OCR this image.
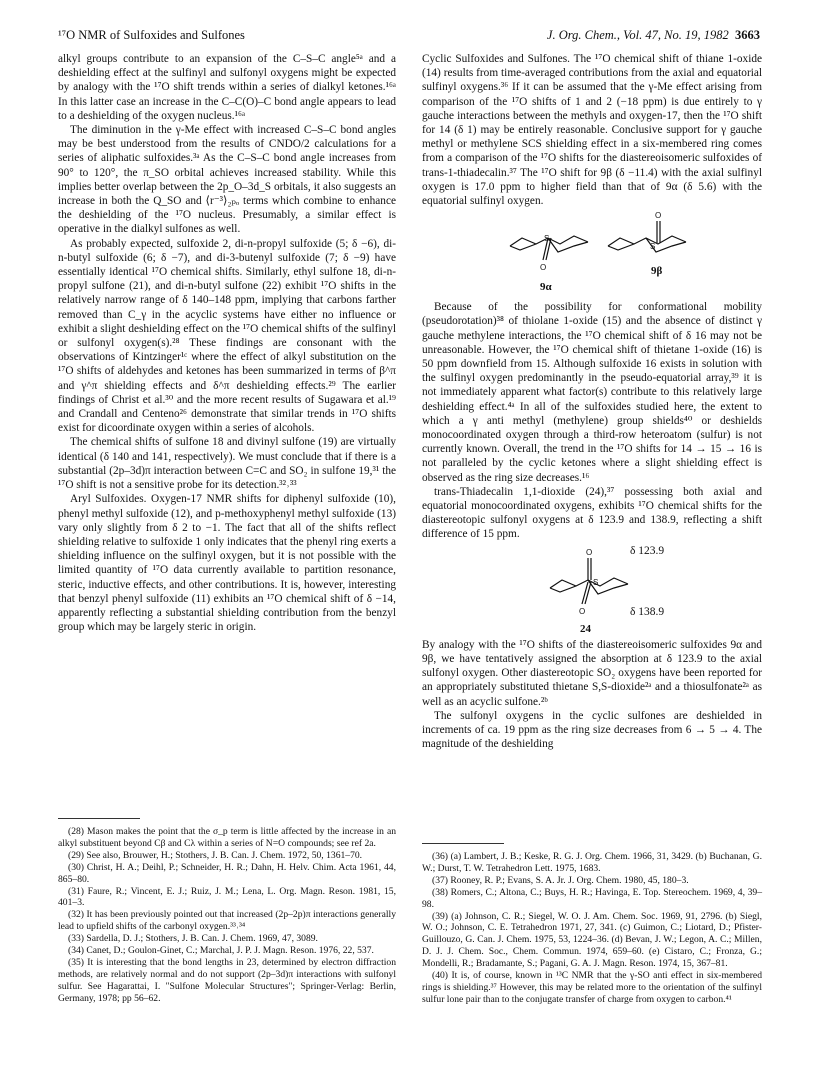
¹⁷O NMR of Sulfoxides and Sulfones	J. Org. Chem., Vol. 47, No. 19, 1982 3663

alkyl groups contribute to an expansion of the C–S–C angle⁵ᵃ and a deshielding effect at the sulfinyl and sulfonyl oxygens might be expected by analogy with the ¹⁷O shift trends within a series of dialkyl ketones.¹⁶ᵃ In this latter case an increase in the C–C(O)–C bond angle appears to lead to a deshielding of the oxygen nucleus.¹⁶ᵃ

The diminution in the γ-Me effect with increased C–S–C bond angles may be best understood from the results of CNDO/2 calculations for a series of aliphatic sulfoxides.³ᵃ As the C–S–C bond angle increases from 90° to 120°, the π_SO orbital achieves increased stability. While this implies better overlap between the 2p_O–3d_S orbitals, it also suggests an increase in both the Q_SO and ⟨r⁻³⟩₂ₚₒ terms which combine to enhance the deshielding of the ¹⁷O nucleus. Presumably, a similar effect is operative in the dialkyl sulfones as well.

As probably expected, sulfoxide 2, di-n-propyl sulfoxide (5; δ −6), di-n-butyl sulfoxide (6; δ −7), and di-3-butenyl sulfoxide (7; δ −9) have essentially identical ¹⁷O chemical shifts. Similarly, ethyl sulfone 18, di-n-propyl sulfone (21), and di-n-butyl sulfone (22) exhibit ¹⁷O shifts in the relatively narrow range of δ 140–148 ppm, implying that carbons farther removed than C_γ in the acyclic systems have either no influence or exhibit a slight deshielding effect on the ¹⁷O chemical shifts of the sulfinyl or sulfonyl oxygen(s).²⁸ These findings are consonant with the observations of Kintzinger¹ᶜ where the effect of alkyl substitution on the ¹⁷O shifts of aldehydes and ketones has been summarized in terms of β^π and γ^π shielding effects and δ^π deshielding effects.²⁹ The earlier findings of Christ et al.³⁰ and the more recent results of Sugawara et al.¹⁹ and Crandall and Centeno²⁶ demonstrate that similar trends in ¹⁷O shifts exist for dicoordinate oxygen within a series of alcohols.

The chemical shifts of sulfone 18 and divinyl sulfone (19) are virtually identical (δ 140 and 141, respectively). We must conclude that if there is a substantial (2p–3d)π interaction between C=C and SO₂ in sulfone 19,³¹ the ¹⁷O shift is not a sensitive probe for its detection.³²˒³³

Aryl Sulfoxides. Oxygen-17 NMR shifts for diphenyl sulfoxide (10), phenyl methyl sulfoxide (12), and p-methoxyphenyl methyl sulfoxide (13) vary only slightly from δ 2 to −1. The fact that all of the shifts reflect shielding relative to sulfoxide 1 only indicates that the phenyl ring exerts a shielding influence on the sulfinyl oxygen, but it is not possible with the limited quantity of ¹⁷O data currently available to partition resonance, steric, inductive effects, and other contributions. It is, however, interesting that benzyl phenyl sulfoxide (11) exhibits an ¹⁷O chemical shift of δ −14, apparently reflecting a substantial shielding contribution from the benzyl group which may be largely steric in origin.

(28) Mason makes the point that the σ_p term is little affected by the increase in an alkyl substituent beyond Cβ and Cλ within a series of N=O compounds; see ref 2a.

(29) See also, Brouwer, H.; Stothers, J. B. Can. J. Chem. 1972, 50, 1361–70.

(30) Christ, H. A.; Deihl, P.; Schneider, H. R.; Dahn, H. Helv. Chim. Acta 1961, 44, 865–80.

(31) Faure, R.; Vincent, E. J.; Ruiz, J. M.; Lena, L. Org. Magn. Reson. 1981, 15, 401–3.

(32) It has been previously pointed out that increased (2p–2p)π interactions generally lead to upfield shifts of the carbonyl oxygen.³³˒³⁴

(33) Sardella, D. J.; Stothers, J. B. Can. J. Chem. 1969, 47, 3089.

(34) Canet, D.; Goulon-Ginet, C.; Marchal, J. P. J. Magn. Reson. 1976, 22, 537.

(35) It is interesting that the bond lengths in 23, determined by electron diffraction methods, are relatively normal and do not support (2p–3d)π interactions with sulfonyl sulfur. See Hagarattai, I. "Sulfone Molecular Structures"; Springer-Verlag: Berlin, Germany, 1978; pp 56–62.

Cyclic Sulfoxides and Sulfones. The ¹⁷O chemical shift of thiane 1-oxide (14) results from time-averaged contributions from the axial and equatorial sulfinyl oxygens.³⁶ If it can be assumed that the γ-Me effect arising from comparison of the ¹⁷O shifts of 1 and 2 (−18 ppm) is due entirely to γ gauche interactions between the methyls and oxygen-17, then the ¹⁷O shift for 14 (δ 1) may be entirely reasonable. Conclusive support for γ gauche methyl or methylene SCS shielding effect in a six-membered ring comes from a comparison of the ¹⁷O shifts for the diastereoisomeric sulfoxides of trans-1-thiadecalin.³⁷ The ¹⁷O shift for 9β (δ −11.4) with the axial sulfinyl oxygen is 17.0 ppm to higher field than that of 9α (δ 5.6) with the equatorial sulfinyl oxygen.

S
O
S
O
9β
9α

Because of the possibility for conformational mobility (pseudorotation)³⁸ of thiolane 1-oxide (15) and the absence of distinct γ gauche methylene interactions, the ¹⁷O chemical shift of δ 16 may not be unreasonable. However, the ¹⁷O chemical shift of thietane 1-oxide (16) is 50 ppm downfield from 15. Although sulfoxide 16 exists in solution with the sulfinyl oxygen predominantly in the pseudo-equatorial array,³⁹ it is not immediately apparent what factor(s) contribute to this relatively large deshielding effect.⁴ᵃ In all of the sulfoxides studied here, the extent to which a γ anti methyl (methylene) group shields⁴⁰ or deshields monocoordinated oxygen through a third-row heteroatom (sulfur) is not currently known. Overall, the trend in the ¹⁷O shifts for 14 → 15 → 16 is not paralleled by the cyclic ketones where a slight shielding effect is observed as the ring size decreases.¹⁶

trans-Thiadecalin 1,1-dioxide (24),³⁷ possessing both axial and equatorial monocoordinated oxygens, exhibits ¹⁷O chemical shifts for the diastereotopic sulfonyl oxygens at δ 123.9 and 138.9, reflecting a shift difference of 15 ppm.

O
S
O
δ 123.9
δ 138.9
24

By analogy with the ¹⁷O shifts of the diastereoisomeric sulfoxides 9α and 9β, we have tentatively assigned the absorption at δ 123.9 to the axial sulfonyl oxygen. Other diastereotopic SO₂ oxygens have been reported for an appropriately substituted thietane S,S-dioxide²ᵃ and a thiosulfonate²ᵃ as well as an acyclic sulfone.²ᵇ

The sulfonyl oxygens in the cyclic sulfones are deshielded in increments of ca. 19 ppm as the ring size decreases from 6 → 5 → 4. The magnitude of the deshielding

(36) (a) Lambert, J. B.; Keske, R. G. J. Org. Chem. 1966, 31, 3429. (b) Buchanan, G. W.; Durst, T. W. Tetrahedron Lett. 1975, 1683.

(37) Rooney, R. P.; Evans, S. A. Jr. J. Org. Chem. 1980, 45, 180–3.

(38) Romers, C.; Altona, C.; Buys, H. R.; Havinga, E. Top. Stereochem. 1969, 4, 39–98.

(39) (a) Johnson, C. R.; Siegel, W. O. J. Am. Chem. Soc. 1969, 91, 2796. (b) Siegl, W. O.; Johnson, C. E. Tetrahedron 1971, 27, 341. (c) Guimon, C.; Liotard, D.; Pfister-Guillouzo, G. Can. J. Chem. 1975, 53, 1224–36. (d) Bevan, J. W.; Legon, A. C.; Millen, D. J. J. Chem. Soc., Chem. Commun. 1974, 659–60. (e) Cistaro, C.; Fronza, G.; Mondelli, R.; Bradamante, S.; Pagani, G. A. J. Magn. Reson. 1974, 15, 367–81.

(40) It is, of course, known in ¹³C NMR that the γ-SO anti effect in six-membered rings is shielding.³⁷ However, this may be related more to the orientation of the sulfinyl sulfur lone pair than to the conjugate transfer of charge from oxygen to carbon.⁴¹
